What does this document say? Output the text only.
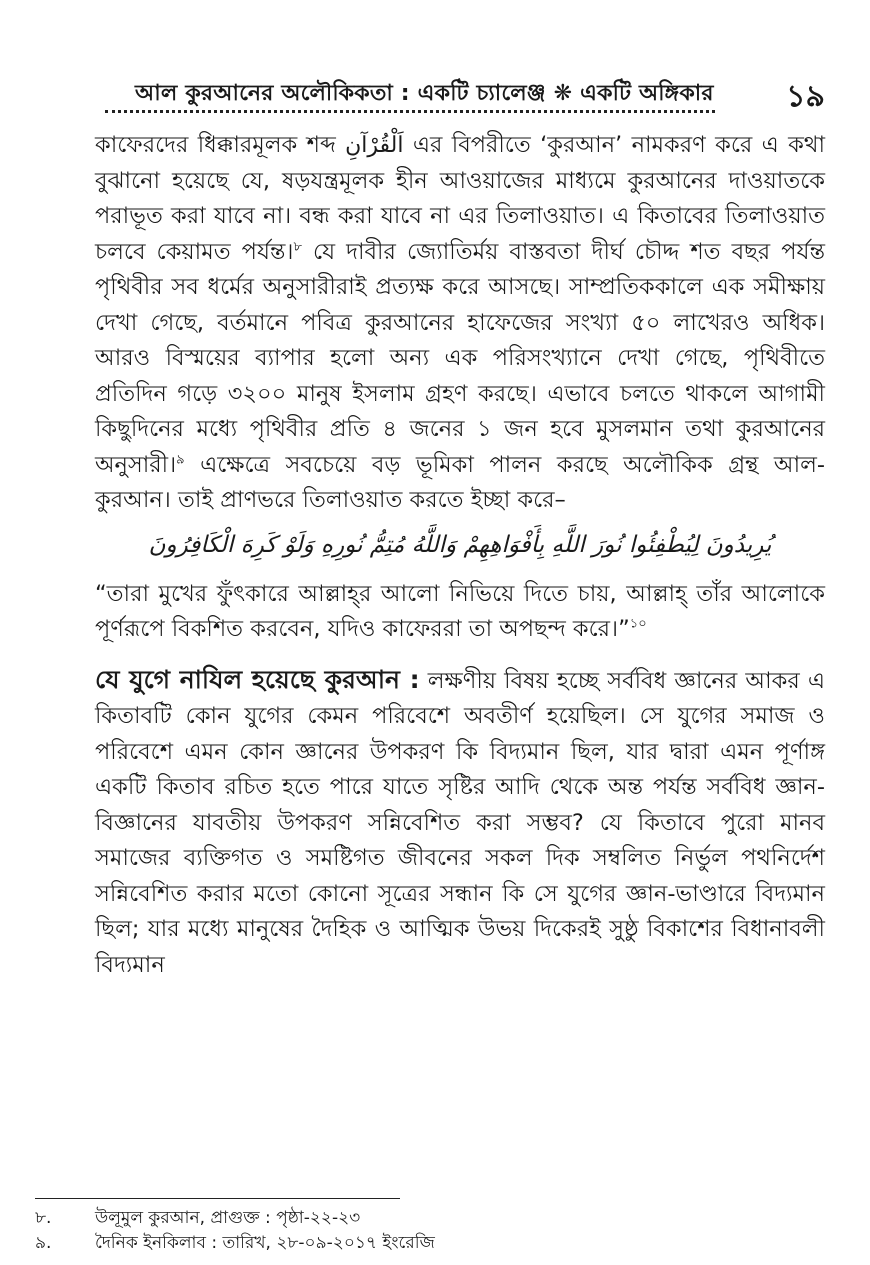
আল কুরআনের অলৌকিকতা : একটি চ্যালেঞ্জ ❋ একটি অঙ্গিকার ১৯

কাফেরদের ধিক্কারমূলক শব্দ اَلْقُرْآنِ এর বিপরীতে ‘কুরআন’ নামকরণ করে এ কথা বুঝানো হয়েছে যে, ষড়যন্ত্রমূলক হীন আওয়াজের মাধ্যমে কুরআনের দাওয়াতকে পরাভূত করা যাবে না। বন্ধ করা যাবে না এর তিলাওয়াত। এ কিতাবের তিলাওয়াত চলবে কেয়ামত পর্যন্ত।$^৮$ যে দাবীর জ্যোতির্ময় বাস্তবতা দীর্ঘ চৌদ্দ শত বছর পর্যন্ত পৃথিবীর সব ধর্মের অনুসারীরাই প্রত্যক্ষ করে আসছে। সাম্প্রতিককালে এক সমীক্ষায় দেখা গেছে, বর্তমানে পবিত্র কুরআনের হাফেজের সংখ্যা ৫০ লাখেরও অধিক। আরও বিস্ময়ের ব্যাপার হলো অন্য এক পরিসংখ্যানে দেখা গেছে, পৃথিবীতে প্রতিদিন গড়ে ৩২০০ মানুষ ইসলাম গ্রহণ করছে। এভাবে চলতে থাকলে আগামী কিছুদিনের মধ্যে পৃথিবীর প্রতি ৪ জনের ১ জন হবে মুসলমান তথা কুরআনের অনুসারী।$^৯$ এক্ষেত্রে সবচেয়ে বড় ভূমিকা পালন করছে অলৌকিক গ্রন্থ আল-কুরআন। তাই প্রাণভরে তিলাওয়াত করতে ইচ্ছা করে–

يُرِيدُونَ لِيُطْفِئُوا نُورَ اللَّهِ بِأَفْوَاهِهِمْ وَاللَّهُ مُتِمُّ نُورِهِ وَلَوْ كَرِهَ الْكَافِرُونَ

“তারা মুখের ফুঁৎকারে আল্লাহ্‌র আলো নিভিয়ে দিতে চায়, আল্লাহ্ তাঁর আলোকে পূর্ণরূপে বিকশিত করবেন, যদিও কাফেররা তা অপছন্দ করে।”$^{১০}$

যে যুগে নাযিল হয়েছে কুরআন : লক্ষণীয় বিষয় হচ্ছে সর্ববিধ জ্ঞানের আকর এ কিতাবটি কোন যুগের কেমন পরিবেশে অবতীর্ণ হয়েছিল। সে যুগের সমাজ ও পরিবেশে এমন কোন জ্ঞানের উপকরণ কি বিদ্যমান ছিল, যার দ্বারা এমন পূর্ণাঙ্গ একটি কিতাব রচিত হতে পারে যাতে সৃষ্টির আদি থেকে অন্ত পর্যন্ত সর্ববিধ জ্ঞান-বিজ্ঞানের যাবতীয় উপকরণ সন্নিবেশিত করা সম্ভব? যে কিতাবে পুরো মানব সমাজের ব্যক্তিগত ও সমষ্টিগত জীবনের সকল দিক সম্বলিত নির্ভুল পথনির্দেশ সন্নিবেশিত করার মতো কোনো সূত্রের সন্ধান কি সে যুগের জ্ঞান-ভাণ্ডারে বিদ্যমান ছিল; যার মধ্যে মানুষের দৈহিক ও আত্মিক উভয় দিকেরই সুষ্ঠু বিকাশের বিধানাবলী বিদ্যমান

৮.	উলূমুল কুরআন, প্রাগুক্ত : পৃষ্ঠা-২২-২৩
৯.	দৈনিক ইনকিলাব : তারিখ, ২৮-০৯-২০১৭ ইংরেজি
